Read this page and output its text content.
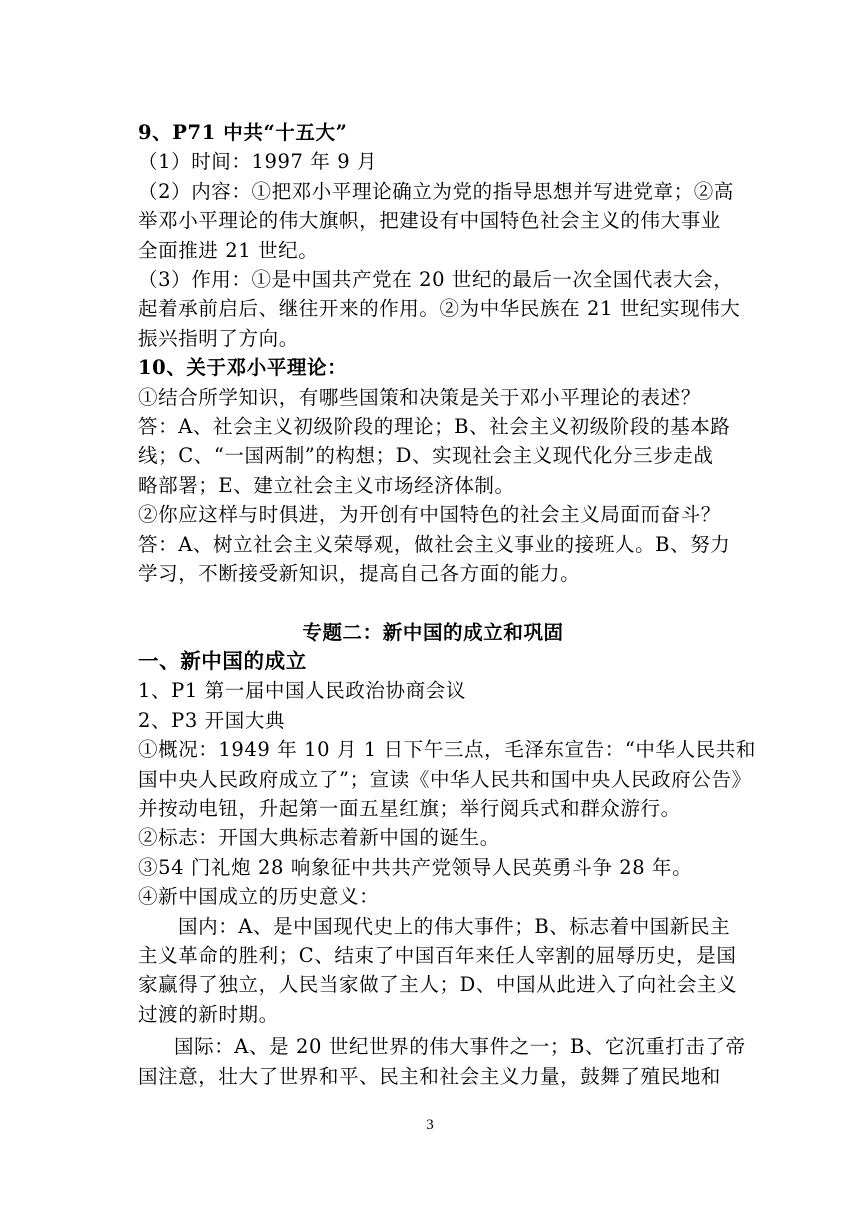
9、P71 中共“十五大”
（1）时间：1997 年 9 月
（2）内容：①把邓小平理论确立为党的指导思想并写进党章；②高
举邓小平理论的伟大旗帜，把建设有中国特色社会主义的伟大事业
全面推进 21 世纪。
（3）作用：①是中国共产党在 20 世纪的最后一次全国代表大会，
起着承前启后、继往开来的作用。②为中华民族在 21 世纪实现伟大
振兴指明了方向。
10、关于邓小平理论：
①结合所学知识，有哪些国策和决策是关于邓小平理论的表述？
答：A、社会主义初级阶段的理论；B、社会主义初级阶段的基本路
线；C、“一国两制”的构想；D、实现社会主义现代化分三步走战
略部署；E、建立社会主义市场经济体制。
②你应这样与时俱进，为开创有中国特色的社会主义局面而奋斗？
答：A、树立社会主义荣辱观，做社会主义事业的接班人。B、努力
学习，不断接受新知识，提高自己各方面的能力。
专题二：新中国的成立和巩固
一、新中国的成立
1、P1 第一届中国人民政治协商会议
2、P3 开国大典
①概况：1949 年 10 月 1 日下午三点，毛泽东宣告：“中华人民共和
国中央人民政府成立了”；宣读《中华人民共和国中央人民政府公告》
并按动电钮，升起第一面五星红旗；举行阅兵式和群众游行。
②标志：开国大典标志着新中国的诞生。
③54 门礼炮 28 响象征中共共产党领导人民英勇斗争 28 年。
④新中国成立的历史意义：
国内：A、是中国现代史上的伟大事件；B、标志着中国新民主
主义革命的胜利；C、结束了中国百年来任人宰割的屈辱历史，是国
家赢得了独立，人民当家做了主人；D、中国从此进入了向社会主义
过渡的新时期。
国际：A、是 20 世纪世界的伟大事件之一；B、它沉重打击了帝
国注意，壮大了世界和平、民主和社会主义力量，鼓舞了殖民地和
3
